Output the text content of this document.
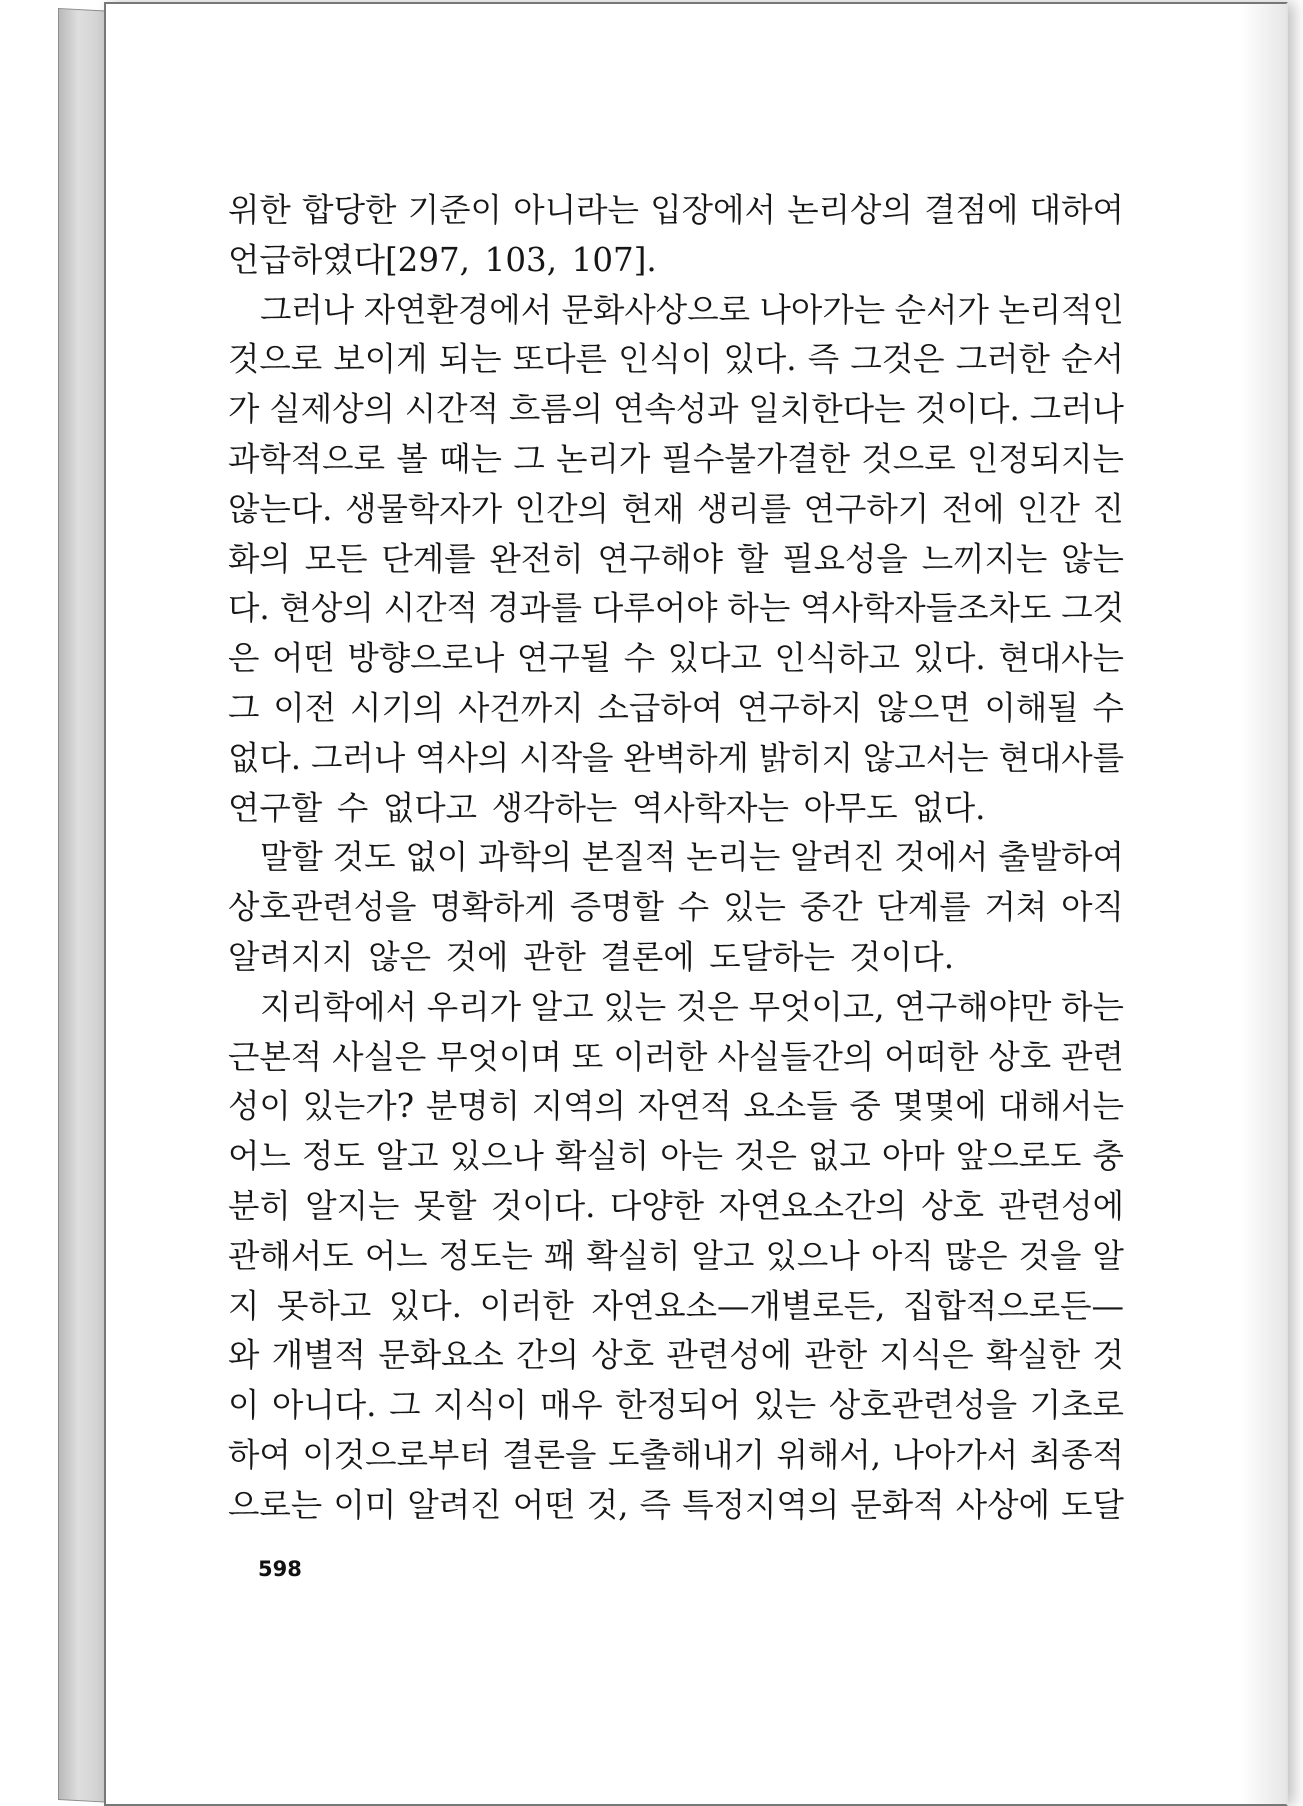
위한 합당한 기준이 아니라는 입장에서 논리상의 결점에 대하여
언급하였다[297, 103, 107].
그러나 자연환경에서 문화사상으로 나아가는 순서가 논리적인
것으로 보이게 되는 또다른 인식이 있다. 즉 그것은 그러한 순서
가 실제상의 시간적 흐름의 연속성과 일치한다는 것이다. 그러나
과학적으로 볼 때는 그 논리가 필수불가결한 것으로 인정되지는
않는다. 생물학자가 인간의 현재 생리를 연구하기 전에 인간 진
화의 모든 단계를 완전히 연구해야 할 필요성을 느끼지는 않는
다. 현상의 시간적 경과를 다루어야 하는 역사학자들조차도 그것
은 어떤 방향으로나 연구될 수 있다고 인식하고 있다. 현대사는
그 이전 시기의 사건까지 소급하여 연구하지 않으면 이해될 수
없다. 그러나 역사의 시작을 완벽하게 밝히지 않고서는 현대사를
연구할 수 없다고 생각하는 역사학자는 아무도 없다.
말할 것도 없이 과학의 본질적 논리는 알려진 것에서 출발하여
상호관련성을 명확하게 증명할 수 있는 중간 단계를 거쳐 아직
알려지지 않은 것에 관한 결론에 도달하는 것이다.
지리학에서 우리가 알고 있는 것은 무엇이고, 연구해야만 하는
근본적 사실은 무엇이며 또 이러한 사실들간의 어떠한 상호 관련
성이 있는가? 분명히 지역의 자연적 요소들 중 몇몇에 대해서는
어느 정도 알고 있으나 확실히 아는 것은 없고 아마 앞으로도 충
분히 알지는 못할 것이다. 다양한 자연요소간의 상호 관련성에
관해서도 어느 정도는 꽤 확실히 알고 있으나 아직 많은 것을 알
지 못하고 있다. 이러한 자연요소—개별로든, 집합적으로든—
와 개별적 문화요소 간의 상호 관련성에 관한 지식은 확실한 것
이 아니다. 그 지식이 매우 한정되어 있는 상호관련성을 기초로
하여 이것으로부터 결론을 도출해내기 위해서, 나아가서 최종적
으로는 이미 알려진 어떤 것, 즉 특정지역의 문화적 사상에 도달
598
